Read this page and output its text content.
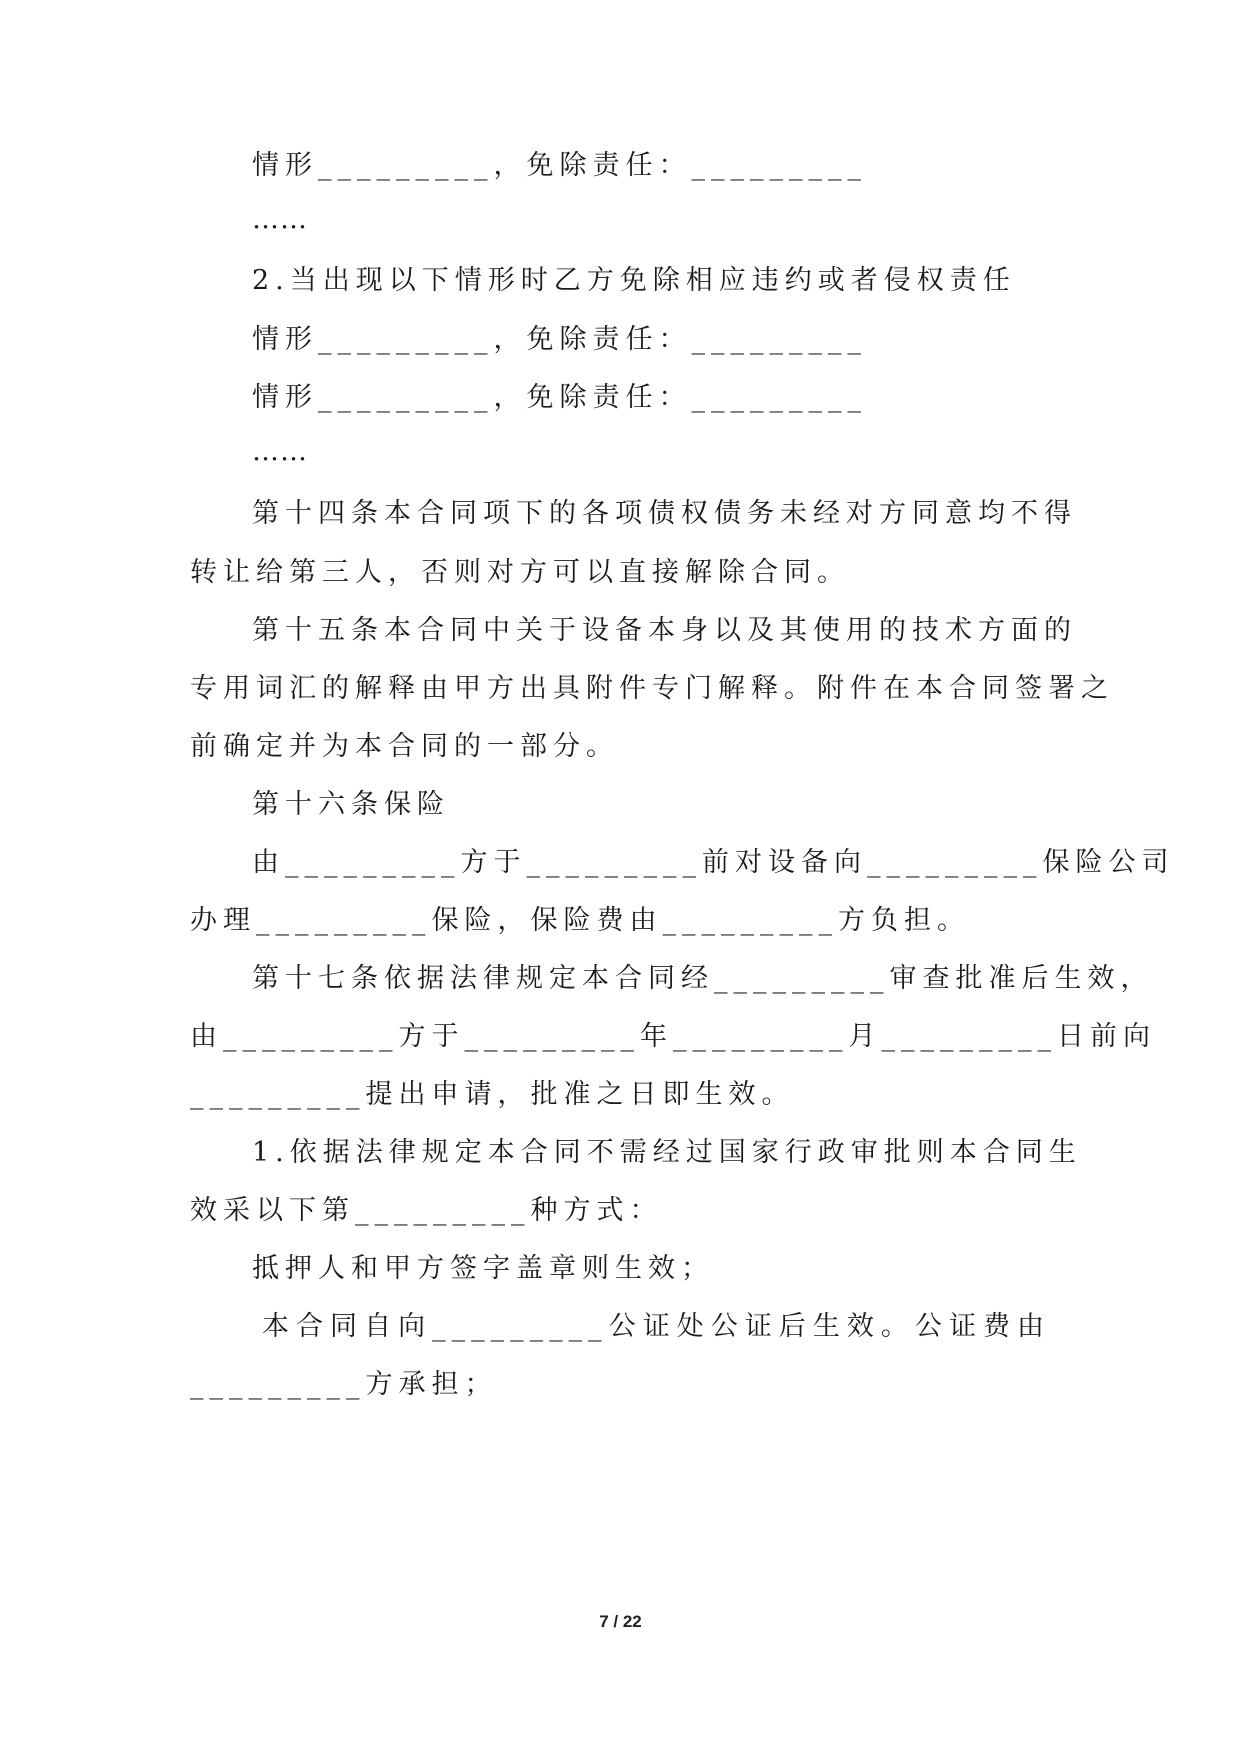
情形_________，免除责任：_________
……
2.当出现以下情形时乙方免除相应违约或者侵权责任
情形_________，免除责任：_________
情形_________，免除责任：_________
……
第十四条本合同项下的各项债权债务未经对方同意均不得
转让给第三人，否则对方可以直接解除合同。
第十五条本合同中关于设备本身以及其使用的技术方面的
专用词汇的解释由甲方出具附件专门解释。附件在本合同签署之
前确定并为本合同的一部分。
第十六条保险
由_________方于_________前对设备向_________保险公司
办理_________保险，保险费由_________方负担。
第十七条依据法律规定本合同经_________审查批准后生效，
由_________方于_________年_________月_________日前向
_________提出申请，批准之日即生效。
1.依据法律规定本合同不需经过国家行政审批则本合同生
效采以下第_________种方式：
抵押人和甲方签字盖章则生效；
本合同自向_________公证处公证后生效。公证费由
_________方承担；
7 / 22
